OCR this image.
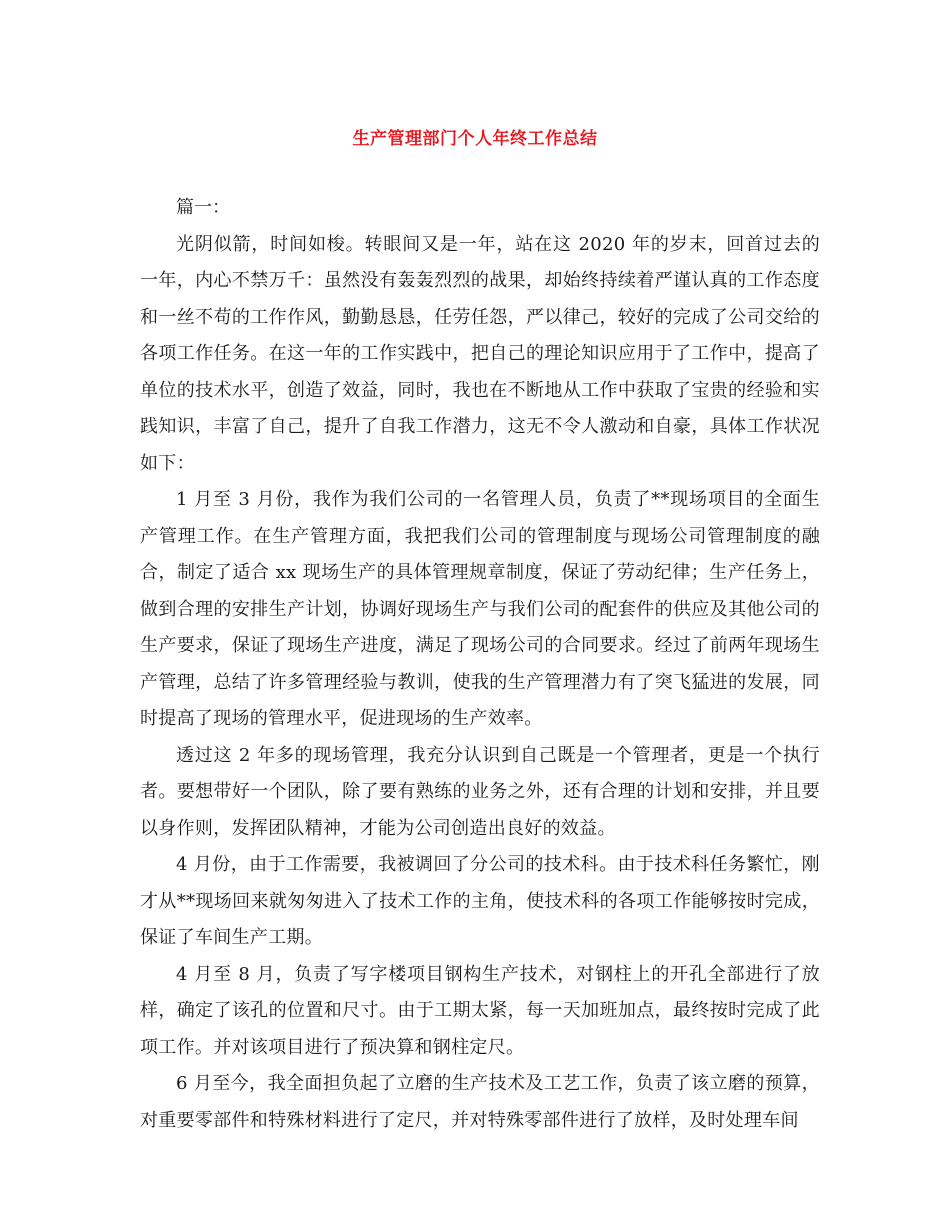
生产管理部门个人年终工作总结

篇一：

光阴似箭，时间如梭。转眼间又是一年，站在这 2020 年的岁末，回首过去的一年，内心不禁万千：虽然没有轰轰烈烈的战果，却始终持续着严谨认真的工作态度和一丝不苟的工作作风，勤勤恳恳，任劳任怨，严以律己，较好的完成了公司交给的各项工作任务。在这一年的工作实践中，把自己的理论知识应用于了工作中，提高了单位的技术水平，创造了效益，同时，我也在不断地从工作中获取了宝贵的经验和实践知识，丰富了自己，提升了自我工作潜力，这无不令人激动和自豪，具体工作状况如下：

1 月至 3 月份，我作为我们公司的一名管理人员，负责了**现场项目的全面生产管理工作。在生产管理方面，我把我们公司的管理制度与现场公司管理制度的融合，制定了适合 xx 现场生产的具体管理规章制度，保证了劳动纪律；生产任务上，做到合理的安排生产计划，协调好现场生产与我们公司的配套件的供应及其他公司的生产要求，保证了现场生产进度，满足了现场公司的合同要求。经过了前两年现场生产管理，总结了许多管理经验与教训，使我的生产管理潜力有了突飞猛进的发展，同时提高了现场的管理水平，促进现场的生产效率。

透过这 2 年多的现场管理，我充分认识到自己既是一个管理者，更是一个执行者。要想带好一个团队，除了要有熟练的业务之外，还有合理的计划和安排，并且要以身作则，发挥团队精神，才能为公司创造出良好的效益。

4 月份，由于工作需要，我被调回了分公司的技术科。由于技术科任务繁忙，刚才从**现场回来就匆匆进入了技术工作的主角，使技术科的各项工作能够按时完成，保证了车间生产工期。

4 月至 8 月，负责了写字楼项目钢构生产技术，对钢柱上的开孔全部进行了放样，确定了该孔的位置和尺寸。由于工期太紧，每一天加班加点，最终按时完成了此项工作。并对该项目进行了预决算和钢柱定尺。

6 月至今，我全面担负起了立磨的生产技术及工艺工作，负责了该立磨的预算，对重要零部件和特殊材料进行了定尺，并对特殊零部件进行了放样，及时处理车间
